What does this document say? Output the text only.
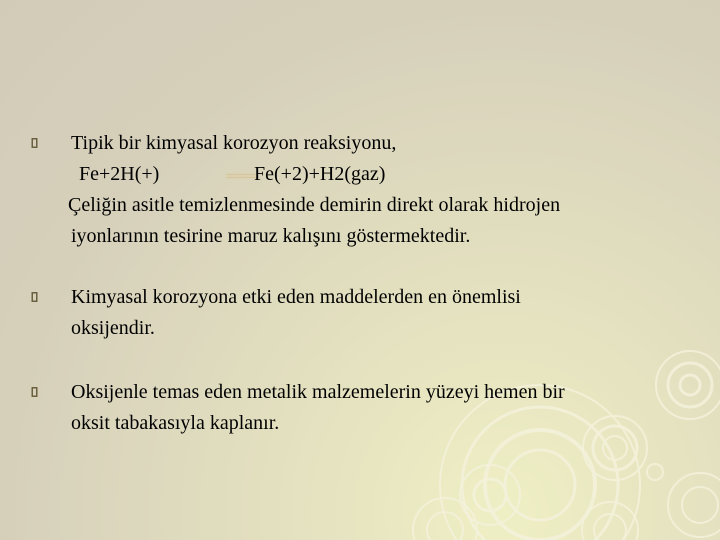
Tipik bir kimyasal korozyon reaksiyonu,
Fe+2H(+)	Fe(+2)+H2(gaz)
Çeliğin asitle temizlenmesinde demirin direkt olarak hidrojen
iyonlarının tesirine maruz kalışını göstermektedir.
Kimyasal korozyona etki eden maddelerden en önemlisi
oksijendir.
Oksijenle temas eden metalik malzemelerin yüzeyi hemen bir
oksit tabakasıyla kaplanır.
